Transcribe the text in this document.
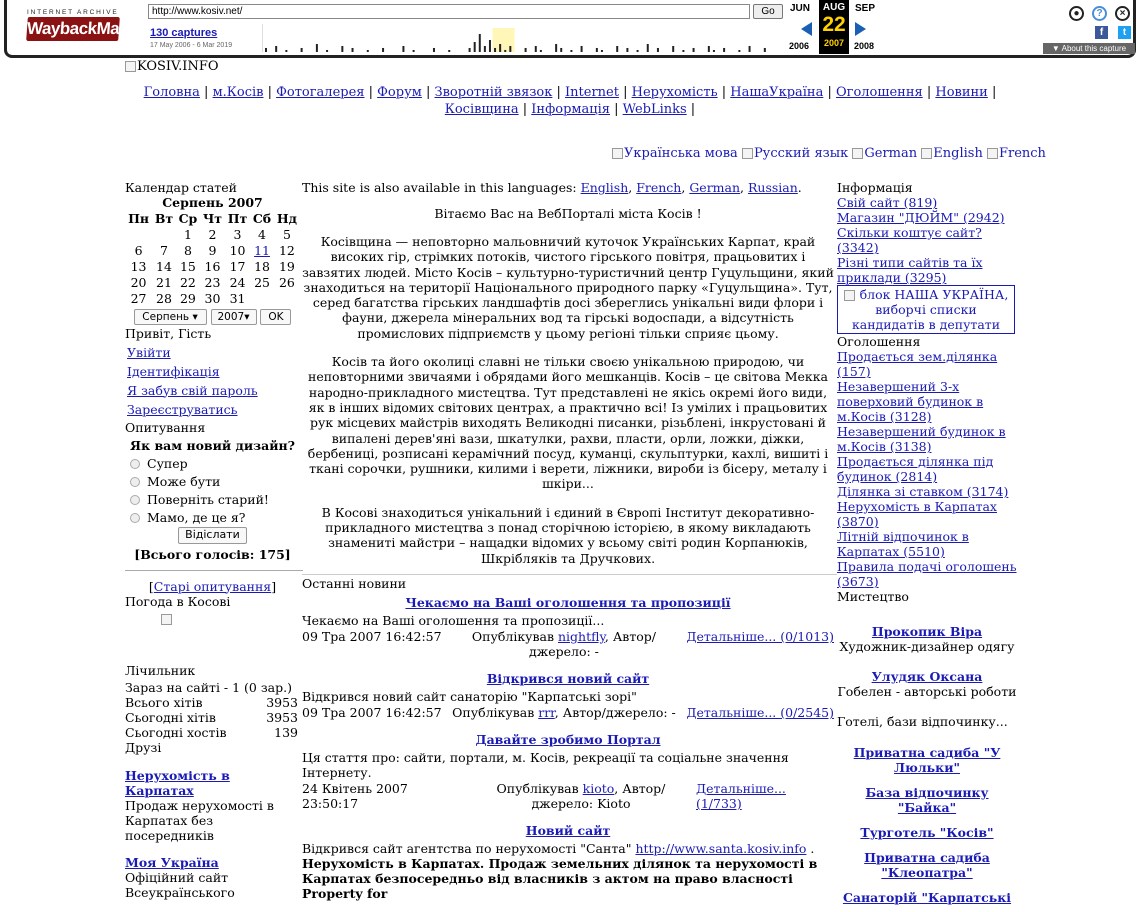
INTERNET ARCHIVE
WaybackMachine
http://www.kosiv.net/	Go
130 captures
17 May 2006 - 6 Mar 2019
JUN
2006
AUG
22
2007
SEP
2008
●	?	×
f	t
▼ About this capture
KOSIV.INFO
Головна | м.Косів | Фотогалерея | Форум | Зворотній звязок | Internet | Нерухомість | НашаУкраїна | Оголошення | Новини | Косівщина | Інформація | WebLinks |
Українська мова Русский язык German English French
Календар статей
Серпень 2007
Пн	Вт	Ср	Чт	Пт	Сб	Нд
		1	2	3	4	5
6	7	8	9	10	11	12
13	14	15	16	17	18	19
20	21	22	23	24	25	26
27	28	29	30	31		
Серпень ▾ 2007▾ OK
Привіт, Гість
Увійти
Ідентифікація
Я забув свій пароль
Зареєструватись
Опитування
Як вам новий дизайн?
Супер
Може бути
Поверніть старий!
Мамо, де це я?
Відіслати
[Всього голосів: 175]
[Старі опитування]
Погода в Косові
Лічильник
Зараз на сайті - 1 (0 зар.)
Всього хітів	3953
Сьогодні хітів	3953
Сьогодні хостів	139
Друзі
Нерухомість в Карпатах
Продаж нерухомості в Карпатах без посередників
Моя Україна
Офіційний сайт Всеукраїнського
This site is also available in this languages: English, French, German, Russian.
Вітаємо Вас на ВебПорталі міста Косів !
Косівщина — неповторно мальовничий куточок Українських Карпат, край високих гір, стрімких потоків, чистого гірського повітря, працьовитих і завзятих людей. Місто Косів – культурно-туристичний центр Гуцульщини, який знаходиться на території Національного природного парку «Гуцульщина». Тут, серед багатства гірських ландшафтів досі збереглись унікальні види флори і фауни, джерела мінеральних вод та гірські водоспади, а відсутність промислових підприємств у цьому регіоні тільки сприяє цьому.
Косів та його околиці славні не тільки своєю унікальною природою, чи неповторними звичаями і обрядами його мешканців. Косів – це світова Мекка народно-прикладного мистецтва. Тут представлені не якісь окремі його види, як в інших відомих світових центрах, а практично всі! Із умілих і працьовитих рук місцевих майстрів виходять Великодні писанки, різьблені, інкрустовані й випалені дерев'яні вази, шкатулки, рахви, пласти, орли, ложки, діжки, бербениці, розписані керамічний посуд, куманці, скульптурки, кахлі, вишиті і ткані сорочки, рушники, килими і верети, ліжники, вироби із бісеру, металу і шкіри...
В Косові знаходиться унікальний і єдиний в Європі Інститут декоративно-прикладного мистецтва з понад сторічною історією, в якому викладають знамениті майстри – нащадки відомих у всьому світі родин Корпанюків, Шкрібляків та Дручкових.
Останні новини
Чекаємо на Ваші оголошення та пропозиції
Чекаємо на Ваші оголошення та пропозиції...
09 Тра 2007 16:42:57	Опублікував nightfly, Автор/джерело: -
Детальніше... (0/1013)
Відкрився новий сайт
Відкрився новий сайт санаторію "Карпатські зорі"
09 Тра 2007 16:42:57 Опублікував rrr, Автор/джерело: - Детальніше... (0/2545)
Давайте зробимо Портал
Ця стаття про: сайти, портали, м. Косів, рекреації та соціальне значення Інтернету.
24 Квітень 2007 23:50:17
Опублікував kioto, Автор/джерело: Kioto
Детальніше... (1/733)
Новий сайт
Відкрився сайт агентства по нерухомості "Санта" http://www.santa.kosiv.info .
Нерухомість в Карпатах. Продаж земельних ділянок та нерухомості в Карпатах безпосередньо від власників з актом на право власності Property for
Інформація
Свій сайт (819)
Магазин "ДЮЙМ" (2942)
Скільки коштує сайт? (3342)
Різні типи сайтів та їх приклади (3295)
блок НАША УКРАЇНА, виборчі списки кандидатів в депутати
Оголошення
Продається зем.ділянка (157)
Незавершений 3-х поверховий будинок в м.Косів (3128)
Незавершений будинок в м.Косів (3138)
Продається ділянка під будинок (2814)
Ділянка зі ставком (3174)
Нерухомість в Карпатах (3870)
Літній відпочинок в Карпатах (5510)
Правила подачі оголошень (3673)
Мистецтво
Прокопик Віра
Художник-дизайнер одягу
Улудяк Оксана
Гобелен - авторські роботи
Готелі, бази відпочинку...
Приватна садиба "У Люльки"
База відпочинку "Байка"
Турготель "Косів"
Приватна садиба "Клеопатра"
Санаторій "Карпатські
